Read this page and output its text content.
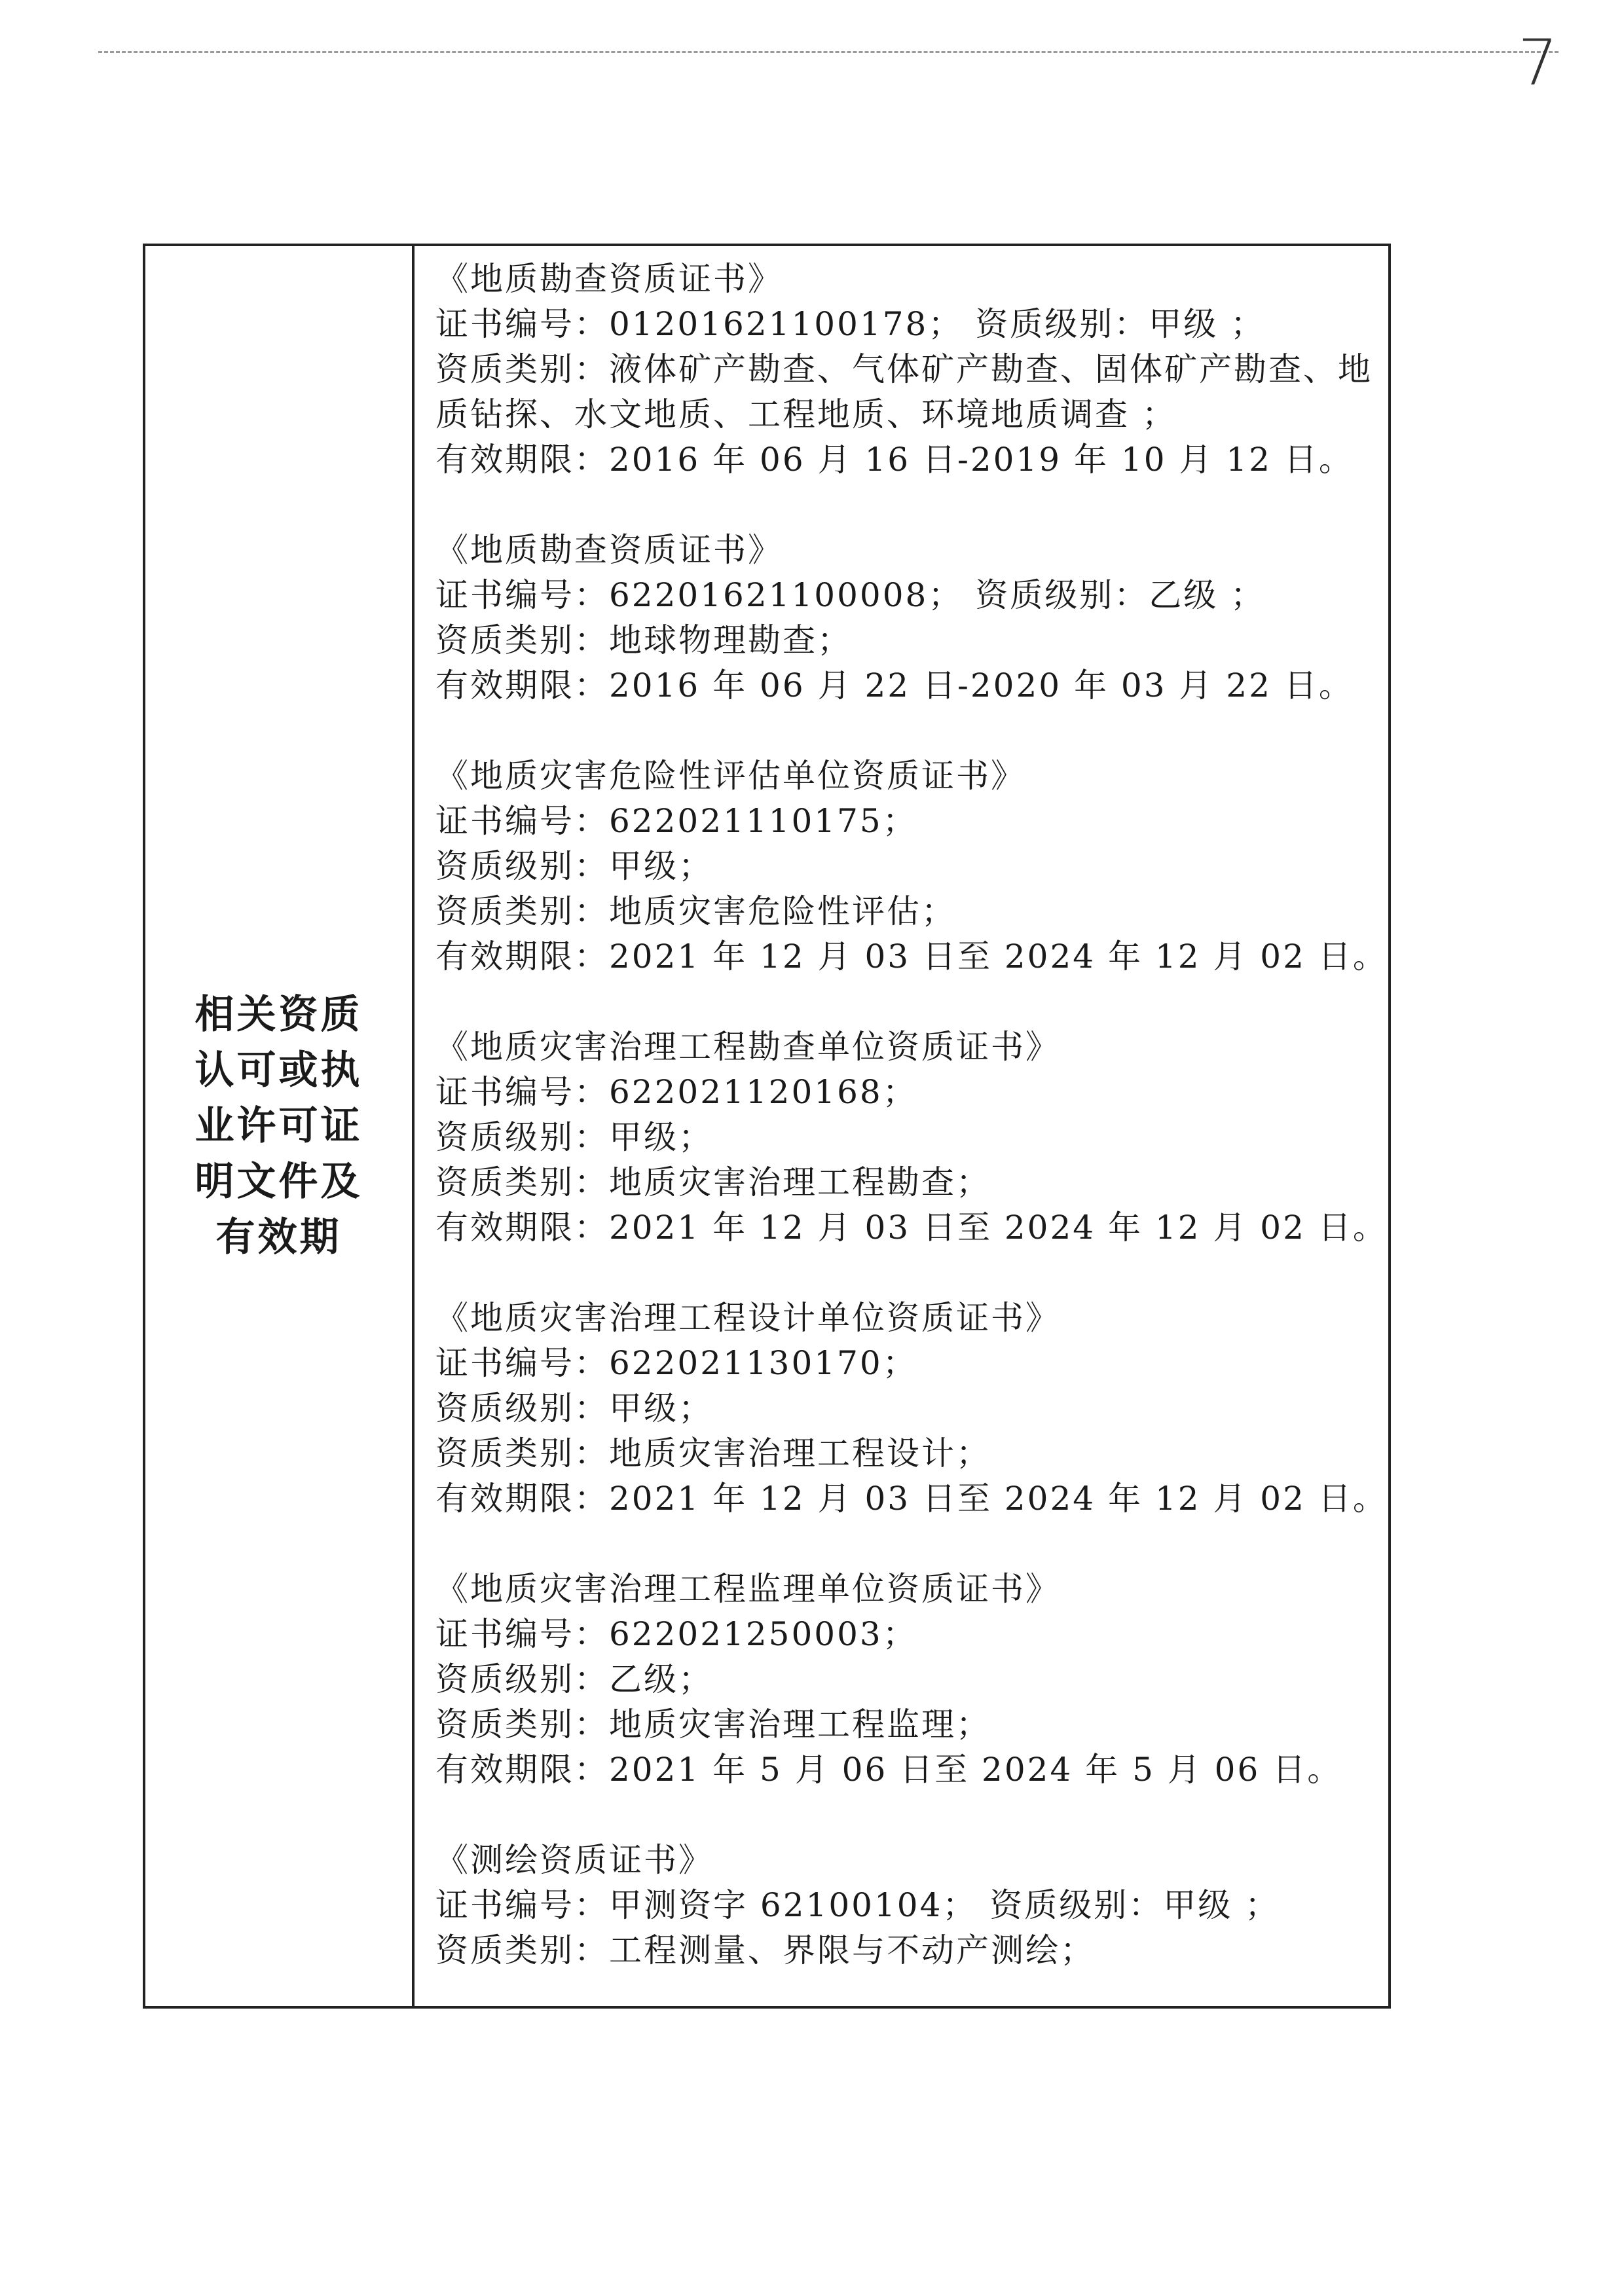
7
相关资质认可或执业许可证明文件及有效期
《地质勘查资质证书》
证书编号：01201621100178； 资质级别：甲级 ；
资质类别：液体矿产勘查、气体矿产勘查、固体矿产勘查、地质钻探、水文地质、工程地质、环境地质调查 ；
有效期限：2016 年 06 月 16 日-2019 年 10 月 12 日。
《地质勘查资质证书》
证书编号：62201621100008； 资质级别：乙级 ；
资质类别：地球物理勘查；
有效期限：2016 年 06 月 22 日-2020 年 03 月 22 日。
《地质灾害危险性评估单位资质证书》
证书编号：622021110175；
资质级别：甲级；
资质类别：地质灾害危险性评估；
有效期限：2021 年 12 月 03 日至 2024 年 12 月 02 日。
《地质灾害治理工程勘查单位资质证书》
证书编号：622021120168；
资质级别：甲级；
资质类别：地质灾害治理工程勘查；
有效期限：2021 年 12 月 03 日至 2024 年 12 月 02 日。
《地质灾害治理工程设计单位资质证书》
证书编号：622021130170；
资质级别：甲级；
资质类别：地质灾害治理工程设计；
有效期限：2021 年 12 月 03 日至 2024 年 12 月 02 日。
《地质灾害治理工程监理单位资质证书》
证书编号：622021250003；
资质级别：乙级；
资质类别：地质灾害治理工程监理；
有效期限：2021 年 5 月 06 日至 2024 年 5 月 06 日。
《测绘资质证书》
证书编号：甲测资字 62100104； 资质级别：甲级 ；
资质类别：工程测量、界限与不动产测绘；
